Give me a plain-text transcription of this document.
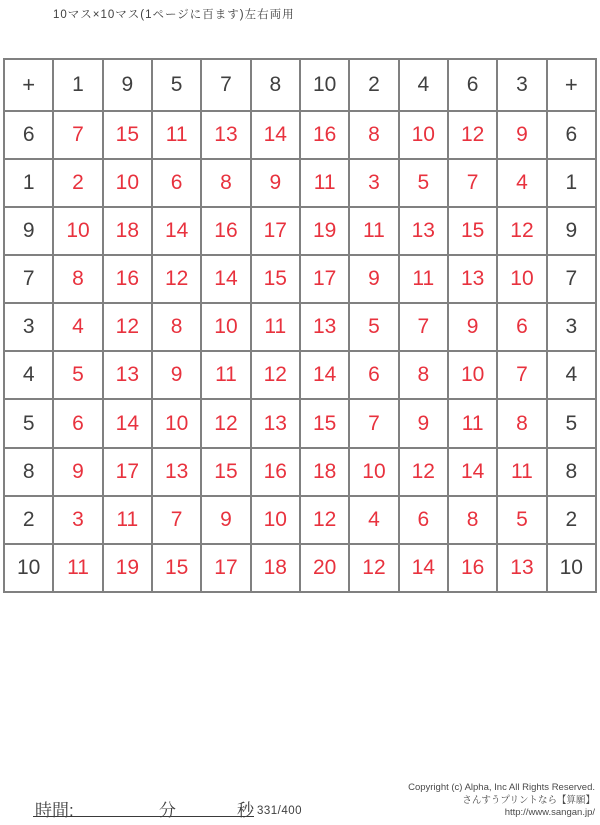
10マス×10マス(1ページに百ます)左右両用
+	1	9	5	7	8	10	2	4	6	3	+
6	7	15	11	13	14	16	8	10	12	9	6
1	2	10	6	8	9	11	3	5	7	4	1
9	10	18	14	16	17	19	11	13	15	12	9
7	8	16	12	14	15	17	9	11	13	10	7
3	4	12	8	10	11	13	5	7	9	6	3
4	5	13	9	11	12	14	6	8	10	7	4
5	6	14	10	12	13	15	7	9	11	8	5
8	9	17	13	15	16	18	10	12	14	11	8
2	3	11	7	9	10	12	4	6	8	5	2
10	11	19	15	17	18	20	12	14	16	13	10
時間:	分	秒 331/400
Copyright (c) Alpha, Inc All Rights Reserved.
さんすうプリントなら【算願】
http://www.sangan.jp/
